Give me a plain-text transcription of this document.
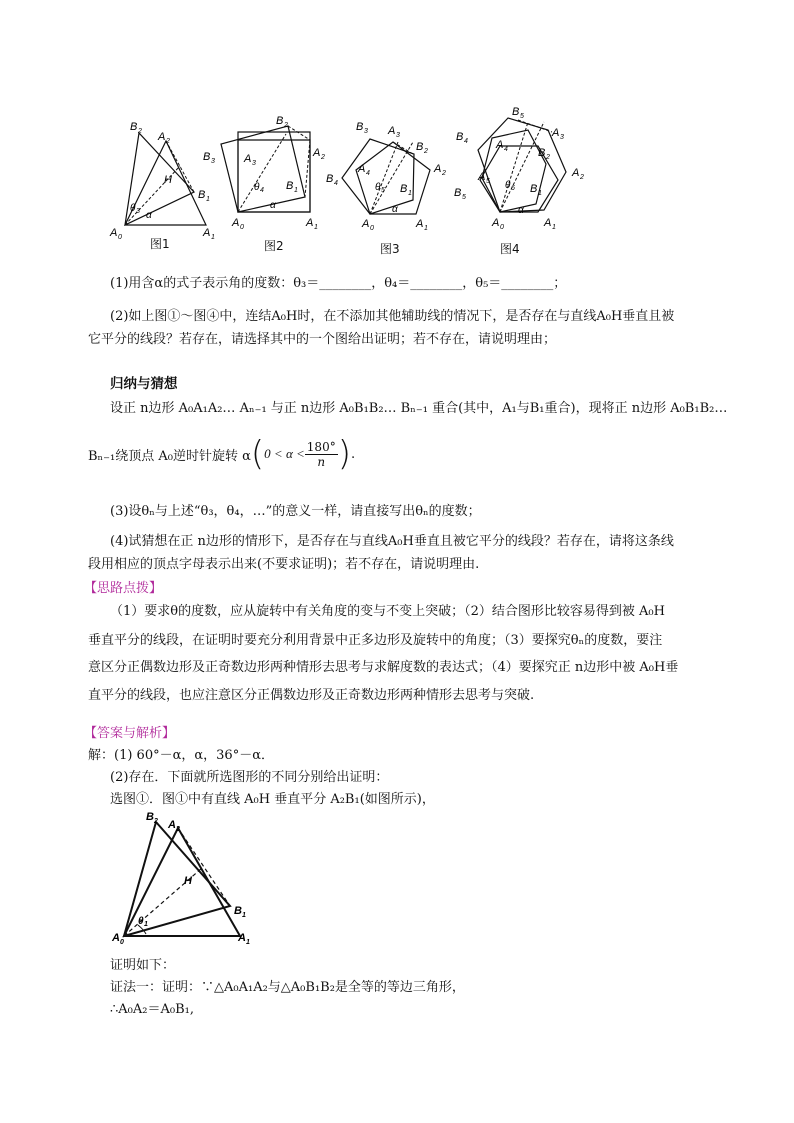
B 2 A 2
H
B 1
θ 3 α
A 0	A 1
图1
B 2
B 3	A 3
A 2
θ 4 B 1
α
A 0	A 1
图2
B 3 A 3
B 2
A 2
B 4
A 4
θ 5 B 1
α
A 0	A 1
图3
B 5
B 4
A 3
A 4	B 2
A 2
A 5 θ 6 B 1
B 5
α
A 0	A 1
图4
(1)用含α的式子表示角的度数：θ₃＝________，θ₄＝________，θ₅＝________；
(2)如上图①～图④中，连结A₀H时，在不添加其他辅助线的情况下，是否存在与直线A₀H垂直且被
它平分的线段？若存在，请选择其中的一个图给出证明；若不存在，请说明理由；
归纳与猜想
设正 n边形 A₀A₁A₂… Aₙ₋₁ 与正 n边形 A₀B₁B₂… Bₙ₋₁ 重合(其中，A₁与B₁重合)，现将正 n边形 A₀B₁B₂…
Bₙ₋₁绕顶点 A₀逆时针旋转 α ( $0 < \alpha < \frac{180^\circ}{n}$ ) .
(3)设θₙ与上述“θ₃，θ₄，…”的意义一样，请直接写出θₙ的度数；
(4)试猜想在正 n边形的情形下，是否存在与直线A₀H垂直且被它平分的线段？若存在，请将这条线
段用相应的顶点字母表示出来(不要求证明)；若不存在，请说明理由.
【思路点拨】
（1）要求θ的度数，应从旋转中有关角度的变与不变上突破；（2）结合图形比较容易得到被 A₀H
垂直平分的线段，在证明时要充分利用背景中正多边形及旋转中的角度；（3）要探究θₙ的度数，要注
意区分正偶数边形及正奇数边形两种情形去思考与求解度数的表达式；（4）要探究正 n边形中被 A₀H垂
直平分的线段，也应注意区分正偶数边形及正奇数边形两种情形去思考与突破.
【答案与解析】
解：(1) 60°－α，α，36°－α．
(2)存在．下面就所选图形的不同分别给出证明：
选图①．图①中有直线 A₀H 垂直平分 A₂B₁(如图所示)，
B 2 A 2
H
B 1
θ 1
A 0	A 1
证明如下：
证法一：证明：∵△A₀A₁A₂与△A₀B₁B₂是全等的等边三角形，
∴A₀A₂＝A₀B₁,
